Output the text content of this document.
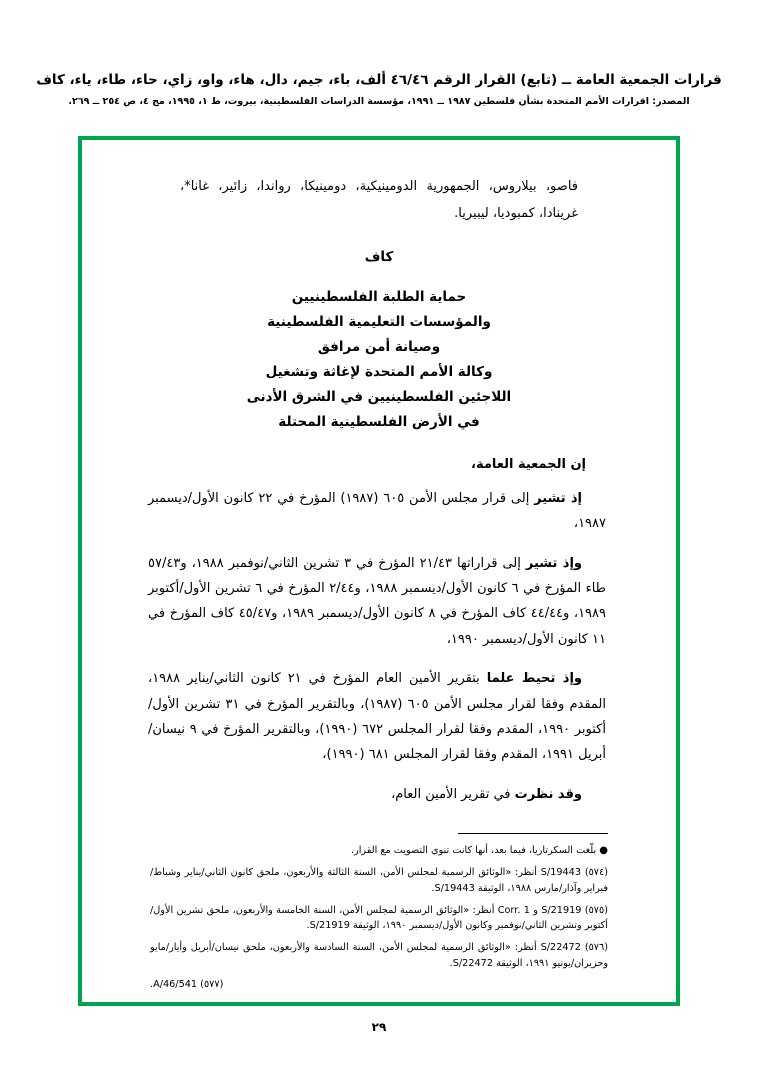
قرارات الجمعية العامة ــ (تابع) القرار الرقم ٤٦/٤٦ ألف، باء، جيم، دال، هاء، واو، زاي، حاء، طاء، ياء، كاف
المصدر: اقرارات الأمم المتحدة بشأن فلسطين ١٩٨٧ ــ ١٩٩١، مؤسسة الدراسات الفلسطينية، بيروت، ط ١، ١٩٩٥، مج ٤، ص ٢٥٤ ــ ٢٦٩.
فاصو، بيلاروس، الجمهورية الدومينيكية، دومينيكا، رواندا، زائير، غانا*، غرينادا، كمبوديا، ليبيريا.
كاف
حماية الطلبة الفلسطينيين
والمؤسسات التعليمية الفلسطينية
وصيانة أمن مرافق
وكالة الأمم المتحدة لإغاثة وتشغيل
اللاجئين الفلسطينيين في الشرق الأدنى
في الأرض الفلسطينية المحتلة
إن الجمعية العامة،

إذ تشير إلى قرار مجلس الأمن ٦٠٥ (١٩٨٧) المؤرخ في ٢٢ كانون الأول/ديسمبر ١٩٨٧،

وإذ تشير إلى قراراتها ٢١/٤٣ المؤرخ في ٣ تشرين الثاني/نوفمبر ١٩٨٨، و٥٧/٤٣ طاء المؤرخ في ٦ كانون الأول/ديسمبر ١٩٨٨، و٢/٤٤ المؤرخ في ٦ تشرين الأول/أكتوبر ١٩٨٩، و٤٤/٤٤ كاف المؤرخ في ٨ كانون الأول/ديسمبر ١٩٨٩، و٤٥/٤٧ كاف المؤرخ في ١١ كانون الأول/ديسمبر ١٩٩٠،

وإذ تحيط علما بتقرير الأمين العام المؤرخ في ٢١ كانون الثاني/يناير ١٩٨٨، المقدم وفقا لقرار مجلس الأمن ٦٠٥ (١٩٨٧)، وبالتقرير المؤرخ في ٣١ تشرين الأول/أكتوبر ١٩٩٠، المقدم وفقا لقرار المجلس ٦٧٢ (١٩٩٠)، وبالتقرير المؤرخ في ٩ نيسان/أبريل ١٩٩١، المقدم وفقا لقرار المجلس ٦٨١ (١٩٩٠)،

وقد نظرت في تقرير الأمين العام،

● بلّغت السكرتاريا، فيما بعد، أنها كانت تنوي التصويت مع القرار.
(٥٧٤) S/19443 أنظر: «الوثائق الرسمية لمجلس الأمن، السنة الثالثة والأربعون، ملحق كانون الثاني/يناير وشباط/فبراير وآذار/مارس ١٩٨٨، الوثيقة S/19443.
(٥٧٥) S/21919 و Corr. 1 أنظر: «الوثائق الرسمية لمجلس الأمن، السنة الخامسة والأربعون، ملحق تشرين الأول/أكتوبر وتشرين الثاني/نوفمبر وكانون الأول/ديسمبر ١٩٩٠، الوثيقة S/21919.
(٥٧٦) S/22472 أنظر: «الوثائق الرسمية لمجلس الأمن، السنة السادسة والأربعون، ملحق نيسان/أبريل وأيار/مايو وحزيران/يونيو ١٩٩١، الوثيقة S/22472.
(٥٧٧) A/46/541.
٢٩
